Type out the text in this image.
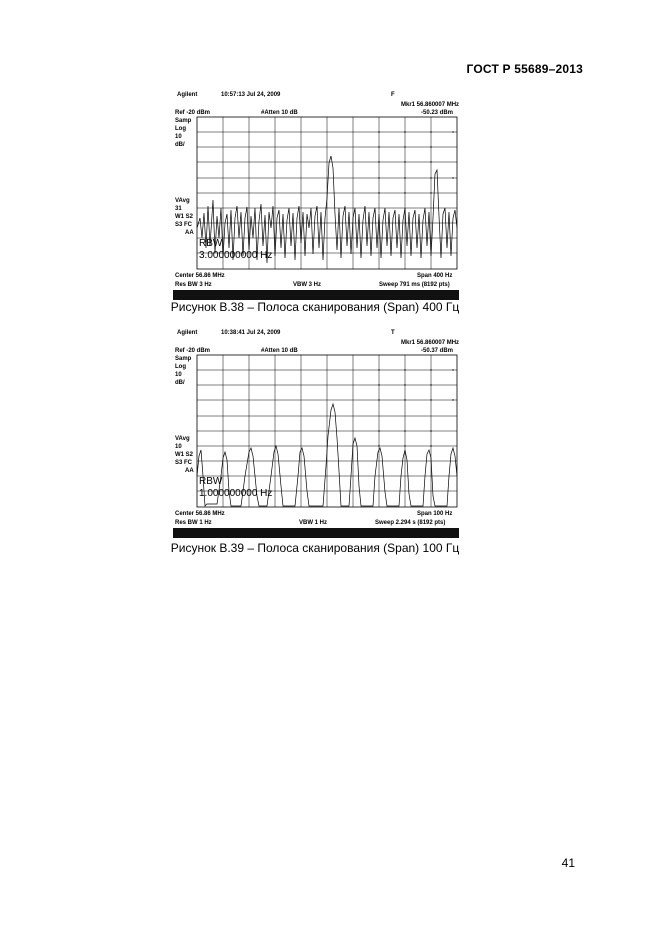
ГОСТ Р 55689–2013
Agilent	10:57:13 Jul 24, 2009	F
Mkr1 56.860007 MHz
Ref -20 dBm	#Atten 10 dB	-50.23 dBm
Samp
Log
10
dB/
VAvg
31
W1 S2
S3 FC
AA
RBW
3.000000000 Hz
Center 56.86 MHz	Span 400 Hz
Res BW 3 Hz	VBW 3 Hz	Sweep 791 ms (8192 pts)
Рисунок В.38 – Полоса сканирования (Span) 400 Гц
Agilent	10:38:41 Jul 24, 2009	T
Mkr1 56.860007 MHz
Ref -20 dBm	#Atten 10 dB	-50.37 dBm
Samp
Log
10
dB/
VAvg
10
W1 S2
S3 FC
AA
RBW
1.000000000 Hz
Center 56.86 MHz	Span 100 Hz
Res BW 1 Hz	VBW 1 Hz	Sweep 2.294 s (8192 pts)
Рисунок В.39 – Полоса сканирования (Span) 100 Гц
41
